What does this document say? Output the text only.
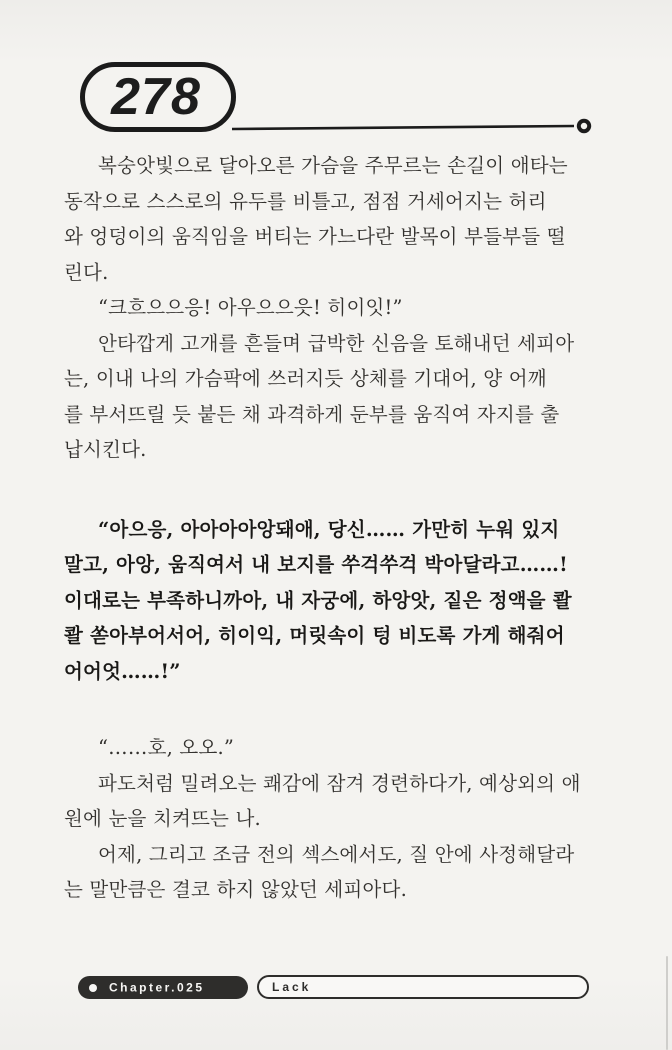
278
복숭앗빛으로 달아오른 가슴을 주무르는 손길이 애타는
동작으로 스스로의 유두를 비틀고, 점점 거세어지는 허리
와 엉덩이의 움직임을 버티는 가느다란 발목이 부들부들 떨
린다.
“크흐으으응! 아우으으읏! 히이잇!”
안타깝게 고개를 흔들며 급박한 신음을 토해내던 세피아
는, 이내 나의 가슴팍에 쓰러지듯 상체를 기대어, 양 어깨
를 부서뜨릴 듯 붙든 채 과격하게 둔부를 움직여 자지를 출
납시킨다.
“아으응, 아아아아앙돼애, 당신…… 가만히 누워 있지
말고, 아앙, 움직여서 내 보지를 쑤걱쑤걱 박아달라고……!
이대로는 부족하니까아, 내 자궁에, 하앙앗, 짙은 정액을 콸
콸 쏟아부어서어, 히이익, 머릿속이 텅 비도록 가게 해줘어
어어엇……!”
“……호, 오오.”
파도처럼 밀려오는 쾌감에 잠겨 경련하다가, 예상외의 애
원에 눈을 치켜뜨는 나.
어제, 그리고 조금 전의 섹스에서도, 질 안에 사정해달라
는 말만큼은 결코 하지 않았던 세피아다.
Chapter.025	Lack
